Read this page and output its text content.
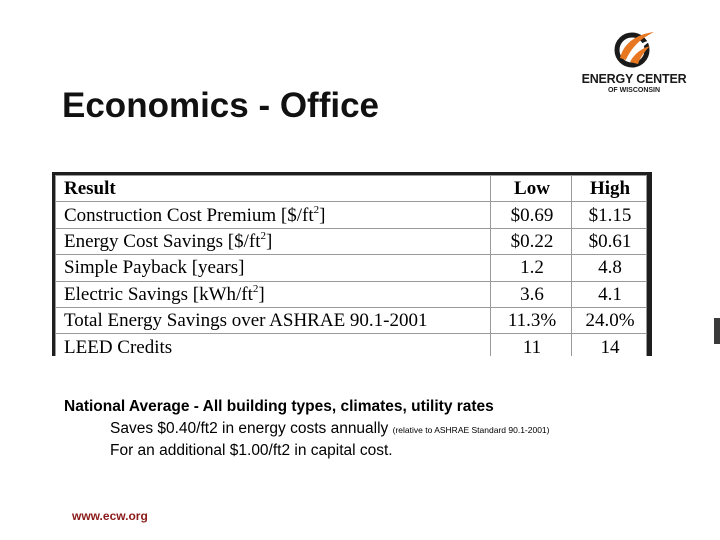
ENERGY CENTER
OF WISCONSIN
Economics - Office
Result	Low	High
Construction Cost Premium $[\$/ft^2]$	$0.69	$1.15
Energy Cost Savings $[\$/ft^2]$	$0.22	$0.61
Simple Payback [years]	1.2	4.8
Electric Savings $[kWh/ft^2]$	3.6	4.1
Total Energy Savings over ASHRAE 90.1-2001	11.3%	24.0%
LEED Credits	11	14

National Average - All building types, climates, utility rates

Saves $0.40/ft2 in energy costs annually (relative to ASHRAE Standard 90.1-2001)

For an additional $1.00/ft2 in capital cost.

www.ecw.org
